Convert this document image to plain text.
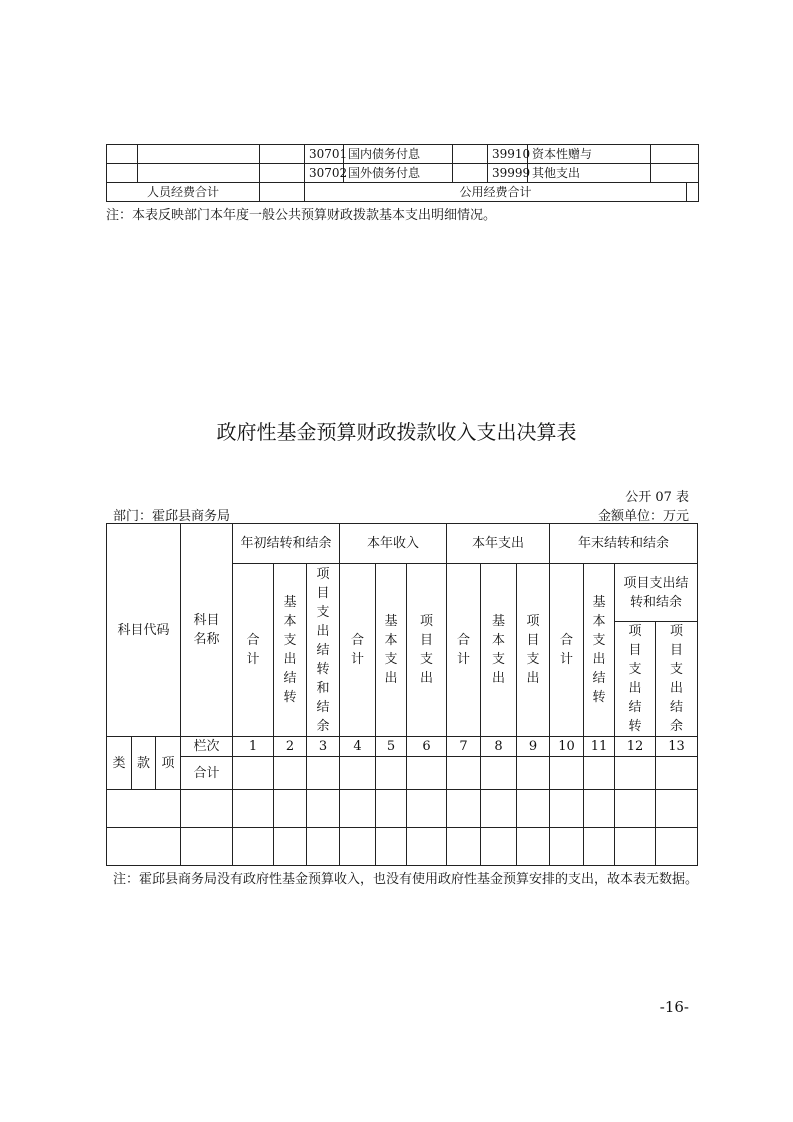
			30701	国内债务付息		39910	资本性赠与		
			30702	国外债务付息		39999	其他支出		
人员经费合计			公用经费合计						
注：本表反映部门本年度一般公共预算财政拨款基本支出明细情况。
政府性基金预算财政拨款收入支出决算表
公开 07 表
部门：霍邱县商务局	金额单位：万元
科目代码			科目名称	年初结转和结余			本年收入			本年支出			年末结转和结余			
				合计	基本支出结转	项目支出结转和结余	合计	基本支出	项目支出	合计	基本支出	项目支出	合计	基本支出结转	项目支出结转和结余	
															项目支出结转	项目支出结余
类	款	项	栏次	1	2	3	4	5	6	7	8	9	10	11	12	13
			合计													

注：霍邱县商务局没有政府性基金预算收入，也没有使用政府性基金预算安排的支出，故本表无数据。
-16-
